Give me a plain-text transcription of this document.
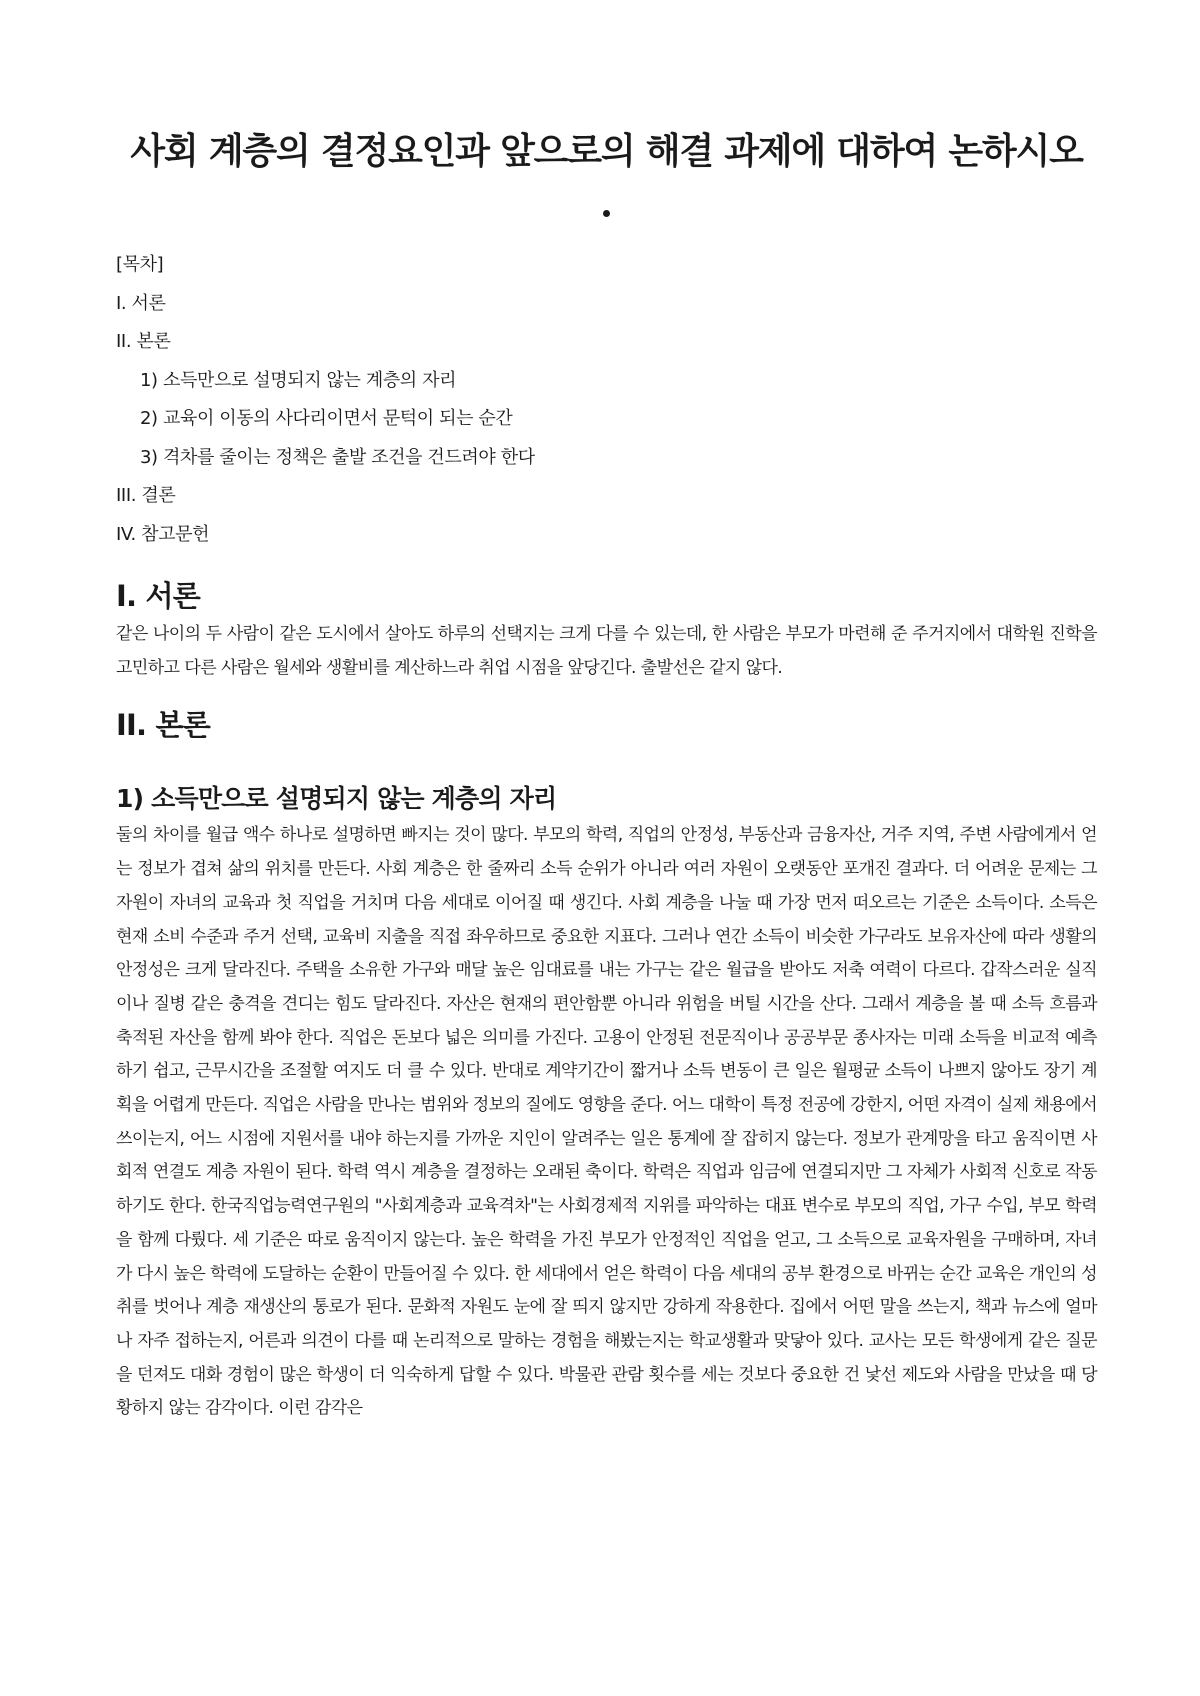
사회 계층의 결정요인과 앞으로의 해결 과제에 대하여 논하시오
[목차]
I. 서론
II. 본론
1) 소득만으로 설명되지 않는 계층의 자리
2) 교육이 이동의 사다리이면서 문턱이 되는 순간
3) 격차를 줄이는 정책은 출발 조건을 건드려야 한다
III. 결론
IV. 참고문헌
I. 서론

같은 나이의 두 사람이 같은 도시에서 살아도 하루의 선택지는 크게 다를 수 있는데, 한 사람은 부모가 마련해 준 주거지에서 대학원 진학을 고민하고 다른 사람은 월세와 생활비를 계산하느라 취업 시점을 앞당긴다. 출발선은 같지 않다.

II. 본론
1) 소득만으로 설명되지 않는 계층의 자리

둘의 차이를 월급 액수 하나로 설명하면 빠지는 것이 많다. 부모의 학력, 직업의 안정성, 부동산과 금융자산, 거주 지역, 주변 사람에게서 얻는 정보가 겹쳐 삶의 위치를 만든다. 사회 계층은 한 줄짜리 소득 순위가 아니라 여러 자원이 오랫동안 포개진 결과다. 더 어려운 문제는 그 자원이 자녀의 교육과 첫 직업을 거치며 다음 세대로 이어질 때 생긴다. 사회 계층을 나눌 때 가장 먼저 떠오르는 기준은 소득이다. 소득은 현재 소비 수준과 주거 선택, 교육비 지출을 직접 좌우하므로 중요한 지표다. 그러나 연간 소득이 비슷한 가구라도 보유자산에 따라 생활의 안정성은 크게 달라진다. 주택을 소유한 가구와 매달 높은 임대료를 내는 가구는 같은 월급을 받아도 저축 여력이 다르다. 갑작스러운 실직이나 질병 같은 충격을 견디는 힘도 달라진다. 자산은 현재의 편안함뿐 아니라 위험을 버틸 시간을 산다. 그래서 계층을 볼 때 소득 흐름과 축적된 자산을 함께 봐야 한다. 직업은 돈보다 넓은 의미를 가진다. 고용이 안정된 전문직이나 공공부문 종사자는 미래 소득을 비교적 예측하기 쉽고, 근무시간을 조절할 여지도 더 클 수 있다. 반대로 계약기간이 짧거나 소득 변동이 큰 일은 월평균 소득이 나쁘지 않아도 장기 계획을 어렵게 만든다. 직업은 사람을 만나는 범위와 정보의 질에도 영향을 준다. 어느 대학이 특정 전공에 강한지, 어떤 자격이 실제 채용에서 쓰이는지, 어느 시점에 지원서를 내야 하는지를 가까운 지인이 알려주는 일은 통계에 잘 잡히지 않는다. 정보가 관계망을 타고 움직이면 사회적 연결도 계층 자원이 된다. 학력 역시 계층을 결정하는 오래된 축이다. 학력은 직업과 임금에 연결되지만 그 자체가 사회적 신호로 작동하기도 한다. 한국직업능력연구원의 "사회계층과 교육격차"는 사회경제적 지위를 파악하는 대표 변수로 부모의 직업, 가구 수입, 부모 학력을 함께 다뤘다. 세 기준은 따로 움직이지 않는다. 높은 학력을 가진 부모가 안정적인 직업을 얻고, 그 소득으로 교육자원을 구매하며, 자녀가 다시 높은 학력에 도달하는 순환이 만들어질 수 있다. 한 세대에서 얻은 학력이 다음 세대의 공부 환경으로 바뀌는 순간 교육은 개인의 성취를 벗어나 계층 재생산의 통로가 된다. 문화적 자원도 눈에 잘 띄지 않지만 강하게 작용한다. 집에서 어떤 말을 쓰는지, 책과 뉴스에 얼마나 자주 접하는지, 어른과 의견이 다를 때 논리적으로 말하는 경험을 해봤는지는 학교생활과 맞닿아 있다. 교사는 모든 학생에게 같은 질문을 던져도 대화 경험이 많은 학생이 더 익숙하게 답할 수 있다. 박물관 관람 횟수를 세는 것보다 중요한 건 낯선 제도와 사람을 만났을 때 당황하지 않는 감각이다. 이런 감각은
